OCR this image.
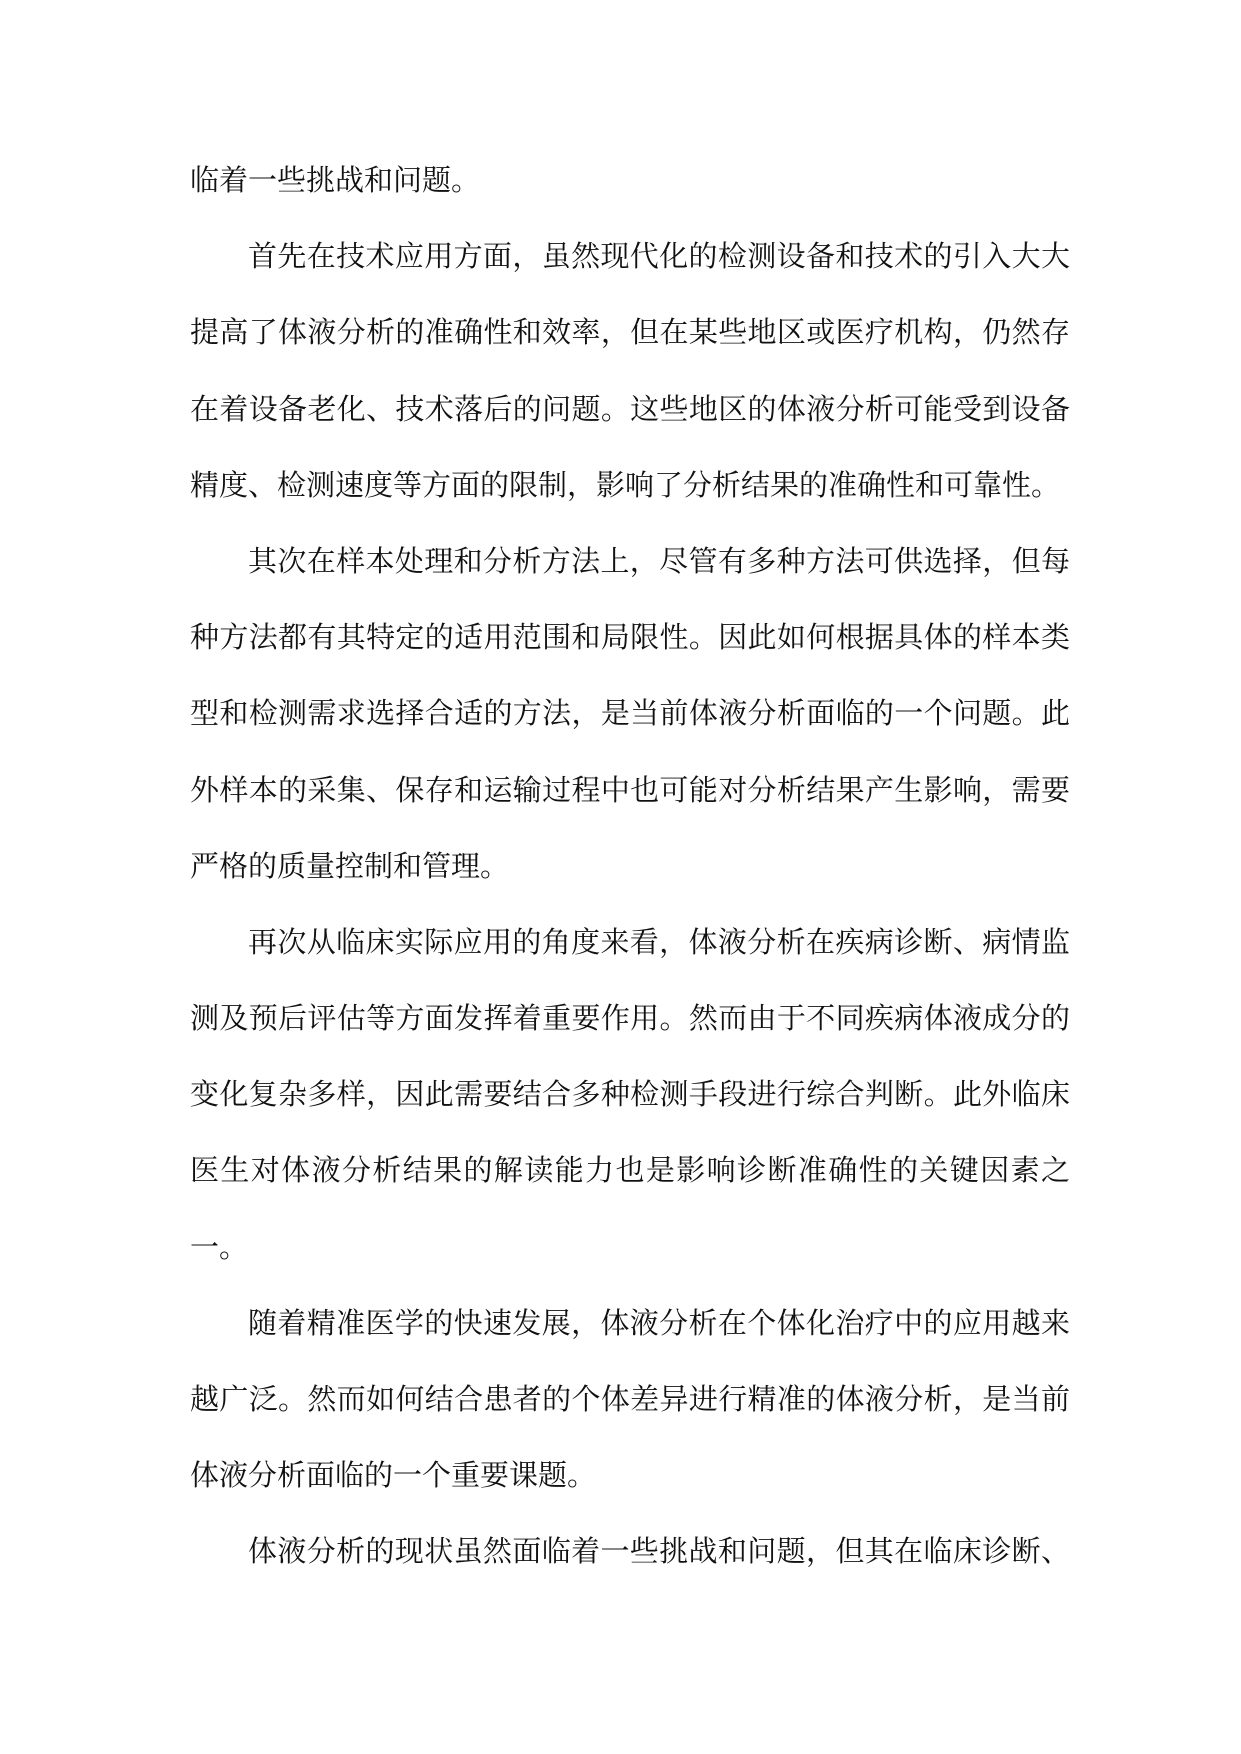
临着一些挑战和问题。
首先在技术应用方面，虽然现代化的检测设备和技术的引入大大
提高了体液分析的准确性和效率，但在某些地区或医疗机构，仍然存
在着设备老化、技术落后的问题。这些地区的体液分析可能受到设备
精度、检测速度等方面的限制，影响了分析结果的准确性和可靠性。
其次在样本处理和分析方法上，尽管有多种方法可供选择，但每
种方法都有其特定的适用范围和局限性。因此如何根据具体的样本类
型和检测需求选择合适的方法，是当前体液分析面临的一个问题。此
外样本的采集、保存和运输过程中也可能对分析结果产生影响，需要
严格的质量控制和管理。
再次从临床实际应用的角度来看，体液分析在疾病诊断、病情监
测及预后评估等方面发挥着重要作用。然而由于不同疾病体液成分的
变化复杂多样，因此需要结合多种检测手段进行综合判断。此外临床
医生对体液分析结果的解读能力也是影响诊断准确性的关键因素之
一。
随着精准医学的快速发展，体液分析在个体化治疗中的应用越来
越广泛。然而如何结合患者的个体差异进行精准的体液分析，是当前
体液分析面临的一个重要课题。
体液分析的现状虽然面临着一些挑战和问题，但其在临床诊断、
